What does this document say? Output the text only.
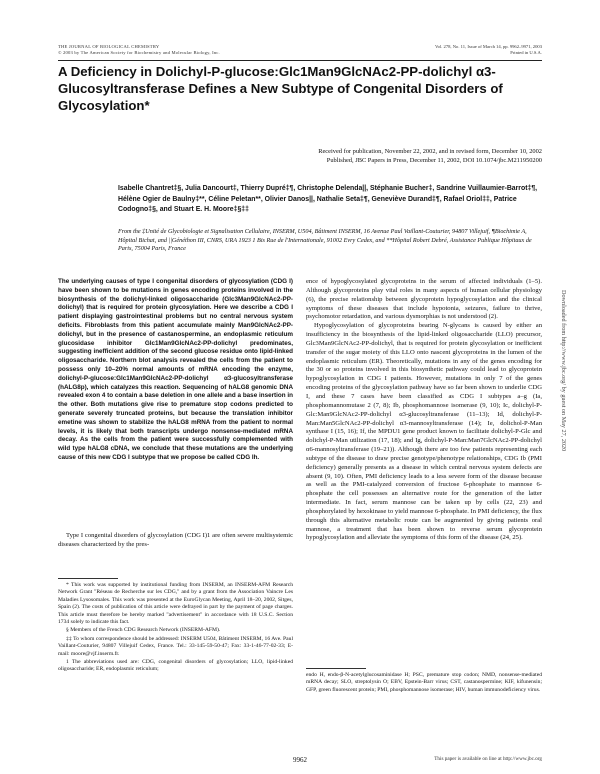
THE JOURNAL OF BIOLOGICAL CHEMISTRY
© 2003 by The American Society for Biochemistry and Molecular Biology, Inc.
Vol. 278, No. 11, Issue of March 14, pp. 9962–9971, 2003
Printed in U.S.A.
A Deficiency in Dolichyl-P-glucose:Glc1Man9GlcNAc2-PP-dolichyl α3-Glucosyltransferase Defines a New Subtype of Congenital Disorders of Glycosylation*
Received for publication, November 22, 2002, and in revised form, December 10, 2002
Published, JBC Papers in Press, December 11, 2002, DOI 10.1074/jbc.M211950200
Isabelle Chantret‡§, Julia Dancourt‡, Thierry Dupré‡¶, Christophe Delenda||, Stéphanie Bucher‡, Sandrine Vuillaumier-Barrot‡¶, Hélène Ogier de Baulny‡**, Céline Peletan**, Olivier Danos||, Nathalie Seta‡¶, Geneviève Durand‡¶, Rafael Oriol‡‡, Patrice Codogno‡§, and Stuart E. H. Moore‡§‡‡
From the ‡Unité de Glycobiologie et Signalisation Cellulaire, INSERM, U504, Bâtiment INSERM, 16 Avenue Paul Vaillant-Couturier, 94807 Villejuif, ¶Biochimie A, Hôpital Bichat, and ||Généthon III, CNRS, URA 1923 1 Bis Rue de l'Internationale, 91002 Evry Cedex, and **Hôpital Robert Debré, Assistance Publique Hôpitaux de Paris, 75004 Paris, France
The underlying causes of type I congenital disorders of glycosylation (CDG I) have been shown to be mutations in genes encoding proteins involved in the biosynthesis of the dolichyl-linked oligosaccharide (Glc3Man9GlcNAc2-PP-dolichyl) that is required for protein glycosylation. Here we describe a CDG I patient displaying gastrointestinal problems but no central nervous system deficits. Fibroblasts from this patient accumulate mainly Man9GlcNAc2-PP-dolichyl, but in the presence of castanospermine, an endoplasmic reticulum glucosidase inhibitor Glc1Man9GlcNAc2-PP-dolichyl predominates, suggesting inefficient addition of the second glucose residue onto lipid-linked oligosaccharide. Northern blot analysis revealed the cells from the patient to possess only 10–20% normal amounts of mRNA encoding the enzyme, dolichyl-P-glucose:Glc1Man9GlcNAc2-PP-dolichyl α3-glucosyltransferase (hALG8p), which catalyzes this reaction. Sequencing of hALG8 genomic DNA revealed exon 4 to contain a base deletion in one allele and a base insertion in the other. Both mutations give rise to premature stop codons predicted to generate severely truncated proteins, but because the translation inhibitor emetine was shown to stabilize the hALG8 mRNA from the patient to normal levels, it is likely that both transcripts undergo nonsense-mediated mRNA decay. As the cells from the patient were successfully complemented with wild type hALG8 cDNA, we conclude that these mutations are the underlying cause of this new CDG I subtype that we propose be called CDG Ih.

Type I congenital disorders of glycosylation (CDG I)1 are often severe multisystemic diseases characterized by the pres-

* This work was supported by institutional funding from INSERM, an INSERM-AFM Research Network Grant "Réseau de Recherche sur les CDG," and by a grant from the Association Vaincre Les Maladies Lysosomales. This work was presented at the EuroGlycan Meeting, April 18–20, 2002, Sitges, Spain (2). The costs of publication of this article were defrayed in part by the payment of page charges. This article must therefore be hereby marked "advertisement" in accordance with 18 U.S.C. Section 1734 solely to indicate this fact.

§ Members of the French CDG Research Network (INSERM-AFM).

‡‡ To whom correspondence should be addressed: INSERM U504, Bâtiment INSERM, 16 Ave. Paul Vaillant-Couturier, 94807 Villejuif Cedex, France. Tel.: 33-145-59-50-47; Fax: 33-1-46-77-02-33; E-mail: moore@vjf.inserm.fr.

1 The abbreviations used are: CDG, congenital disorders of glycosylation; LLO, lipid-linked oligosaccharide; ER, endoplasmic reticulum;

ence of hypoglycosylated glycoproteins in the serum of affected individuals (1–5). Although glycoproteins play vital roles in many aspects of human cellular physiology (6), the precise relationship between glycoprotein hypoglycosylation and the clinical symptoms of these diseases that include hypotonia, seizures, failure to thrive, psychomotor retardation, and various dysmorphias is not understood (2).

Hypoglycosylation of glycoproteins bearing N-glycans is caused by either an insufficiency in the biosynthesis of the lipid-linked oligosaccharide (LLO) precursor, Glc3Man9GlcNAc2-PP-dolichyl, that is required for protein glycosylation or inefficient transfer of the sugar moiety of this LLO onto nascent glycoproteins in the lumen of the endoplasmic reticulum (ER). Theoretically, mutations in any of the genes encoding for the 30 or so proteins involved in this biosynthetic pathway could lead to glycoprotein hypoglycosylation in CDG I patients. However, mutations in only 7 of the genes encoding proteins of the glycosylation pathway have so far been shown to underlie CDG I, and these 7 cases have been classified as CDG I subtypes a–g (Ia, phosphomannomutase 2 (7, 8); Ib, phosphomannose isomerase (9, 10); Ic, dolichyl-P-Glc:Man9GlcNAc2-PP-dolichyl α3-glucosyltransferase (11–13); Id, dolichyl-P-Man:Man5GlcNAc2-PP-dolichyl α3-mannosyltransferase (14); Ie, dolichol-P-Man synthase I (15, 16); If, the MPDU1 gene product known to facilitate dolichyl-P-Glc and dolichyl-P-Man utilization (17, 18); and Ig, dolichyl-P-Man:Man7GlcNAc2-PP-dolichyl α6-mannosyltransferase (19–21)). Although there are too few patients representing each subtype of the disease to draw precise genotype/phenotype relationships, CDG Ib (PMI deficiency) generally presents as a disease in which central nervous system defects are absent (9, 10). Often, PMI deficiency leads to a less severe form of the disease because as well as the PMI-catalyzed conversion of fructose 6-phosphate to mannose 6-phosphate the cell possesses an alternative route for the generation of the latter intermediate. In fact, serum mannose can be taken up by cells (22, 23) and phosphorylated by hexokinase to yield mannose 6-phosphate. In PMI deficiency, the flux through this alternative metabolic route can be augmented by giving patients oral mannose, a treatment that has been shown to reverse serum glycoprotein hypoglycosylation and alleviate the symptoms of this form of the disease (24, 25).

endo H, endo-β-N-acetylglucosaminidase H; PSC, premature stop codon; NMD, nonsense-mediated mRNA decay; SLO, streptolysin O; EBV, Epstein-Barr virus; CST, castanospermine; KIF, kifunensin; GFP, green fluorescent protein; PMI, phosphomannose isomerase; HIV, human immunodeficiency virus.
Downloaded from http://www.jbc.org/ by guest on May 27, 2020
9962	This paper is available on line at http://www.jbc.org
